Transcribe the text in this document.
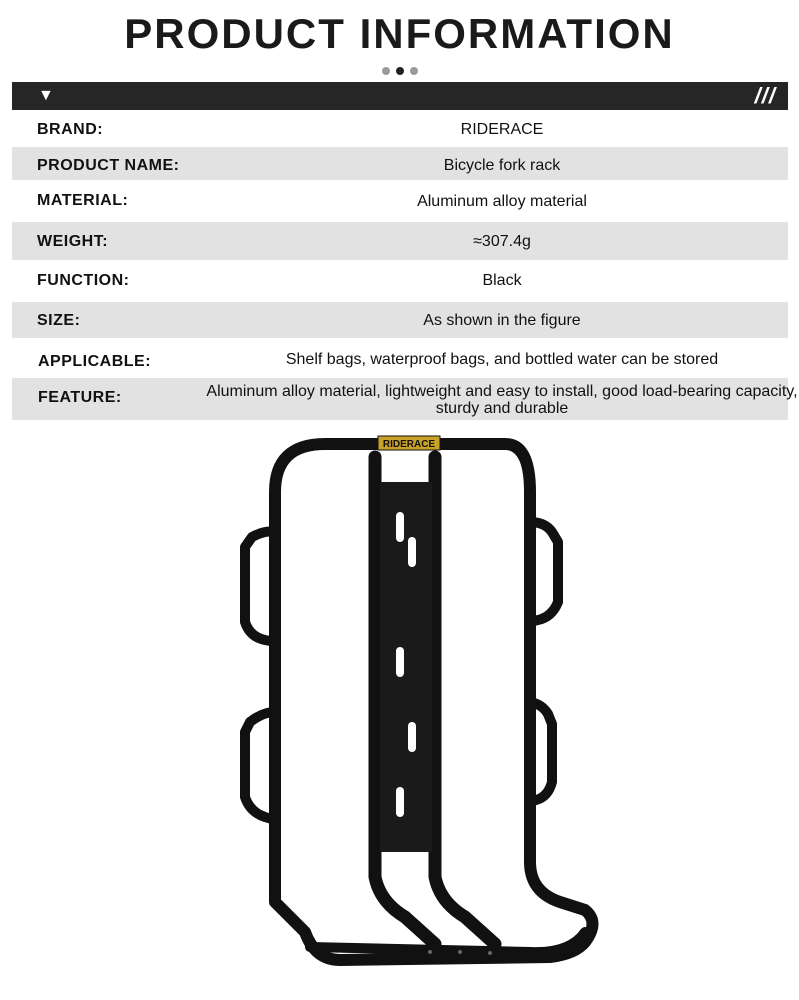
PRODUCT INFORMATION
▼	///
BRAND:	RIDERACE
PRODUCT NAME:	Bicycle fork rack
MATERIAL:	Aluminum alloy material
WEIGHT:	≈307.4g
FUNCTION:	Black
SIZE:	As shown in the figure
APPLICABLE:	Shelf bags, waterproof bags, and bottled water can be stored
FEATURE:	Aluminum alloy material, lightweight and easy to install, good load-bearing capacity, sturdy and durable
RIDERACE
